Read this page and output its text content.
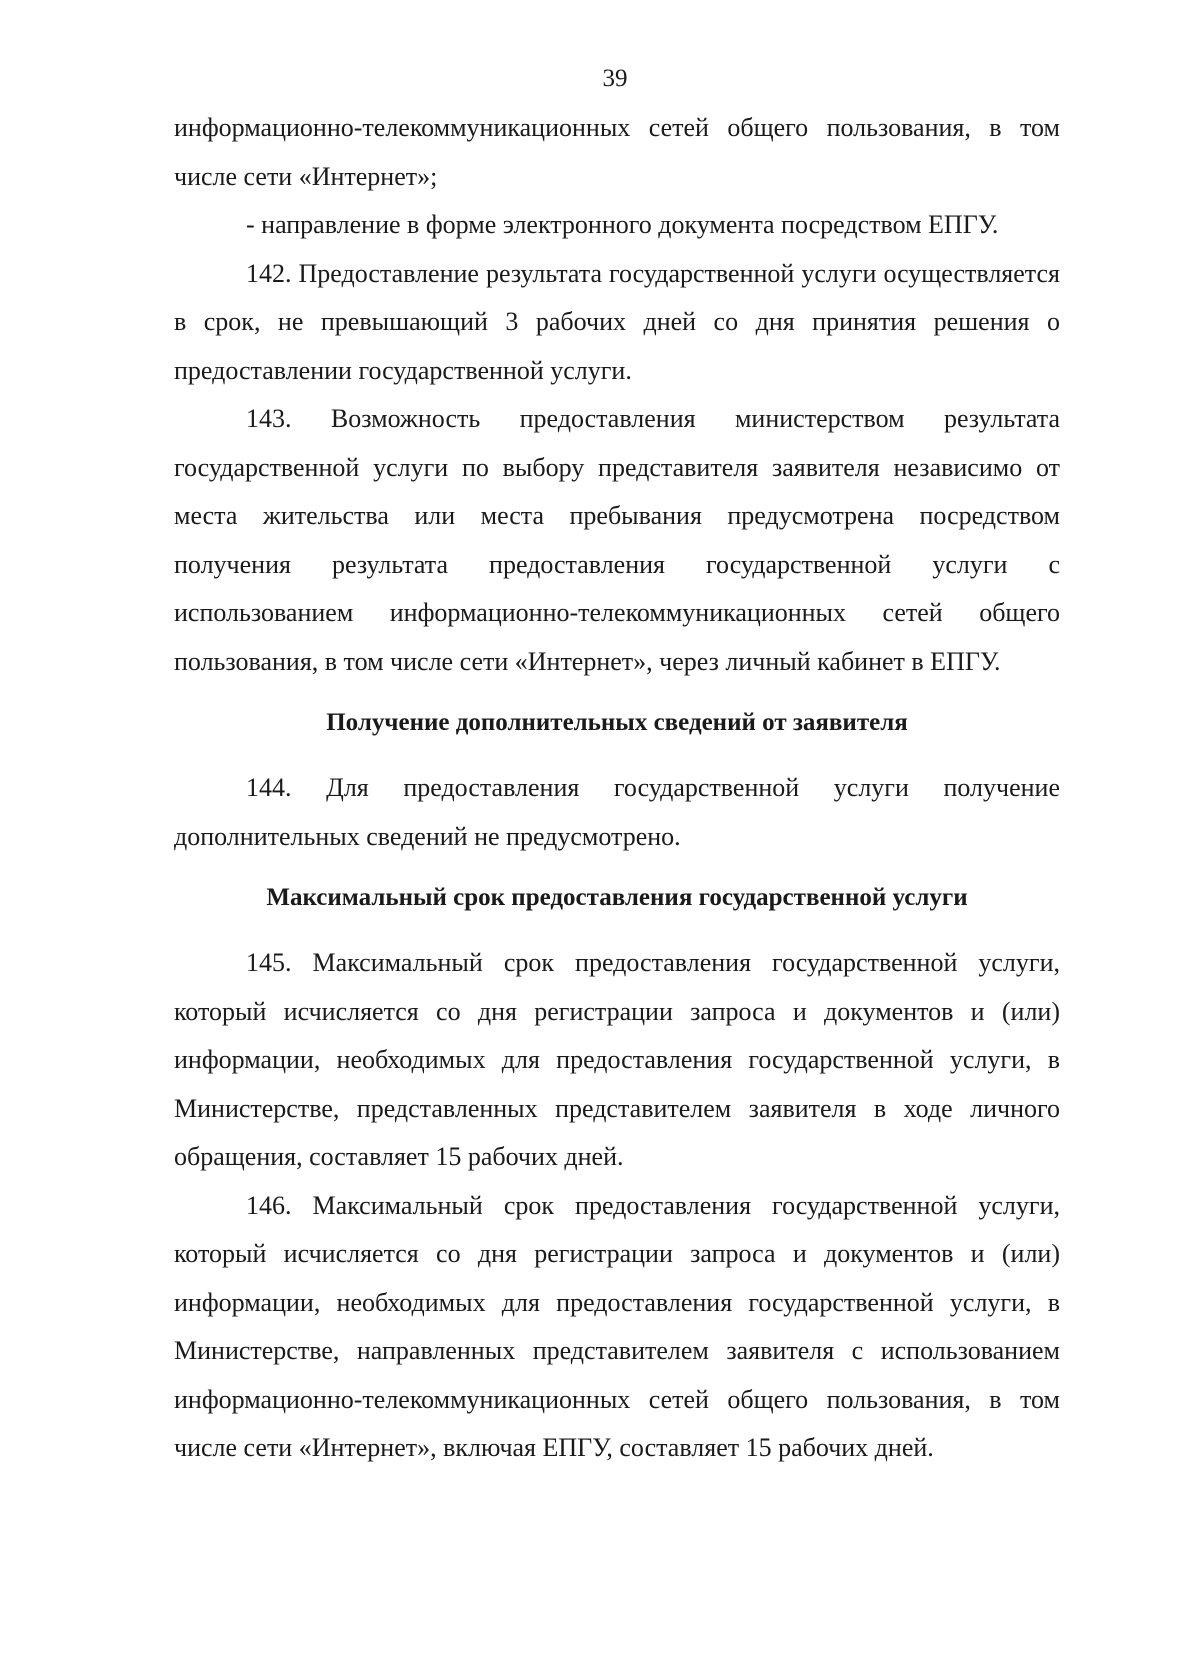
39

информационно-телекоммуникационных сетей общего пользования, в том числе сети «Интернет»;

- направление в форме электронного документа посредством ЕПГУ.

142. Предоставление результата государственной услуги осуществляется в срок, не превышающий 3 рабочих дней со дня принятия решения о предоставлении государственной услуги.

143. Возможность предоставления министерством результата государственной услуги по выбору представителя заявителя независимо от места жительства или места пребывания предусмотрена посредством получения результата предоставления государственной услуги с использованием информационно-телекоммуникационных сетей общего пользования, в том числе сети «Интернет», через личный кабинет в ЕПГУ.

Получение дополнительных сведений от заявителя

144. Для предоставления государственной услуги получение дополнительных сведений не предусмотрено.

Максимальный срок предоставления государственной услуги

145. Максимальный срок предоставления государственной услуги, который исчисляется со дня регистрации запроса и документов и (или) информации, необходимых для предоставления государственной услуги, в Министерстве, представленных представителем заявителя в ходе личного обращения, составляет 15 рабочих дней.

146. Максимальный срок предоставления государственной услуги, который исчисляется со дня регистрации запроса и документов и (или) информации, необходимых для предоставления государственной услуги, в Министерстве, направленных представителем заявителя с использованием информационно-телекоммуникационных сетей общего пользования, в том числе сети «Интернет», включая ЕПГУ, составляет 15 рабочих дней.
